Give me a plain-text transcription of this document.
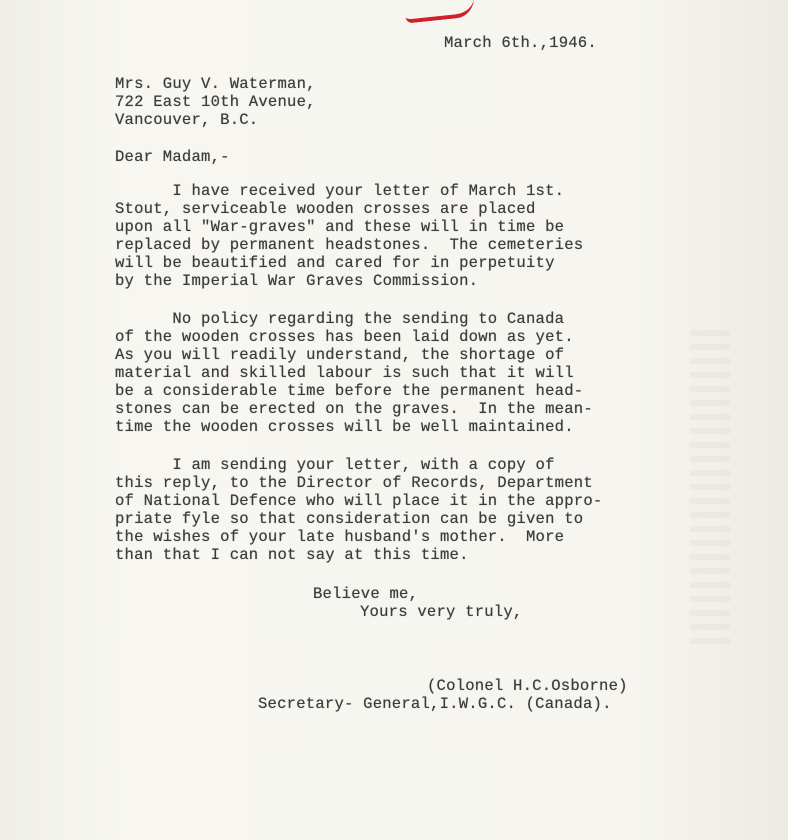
March 6th.,1946.
Mrs. Guy V. Waterman,
722 East 10th Avenue,
Vancouver, B.C.
Dear Madam,-
I have received your letter of March 1st.
Stout, serviceable wooden crosses are placed
upon all "War-graves" and these will in time be
replaced by permanent headstones.  The cemeteries
will be beautified and cared for in perpetuity
by the Imperial War Graves Commission.
No policy regarding the sending to Canada
of the wooden crosses has been laid down as yet.
As you will readily understand, the shortage of
material and skilled labour is such that it will
be a considerable time before the permanent head-
stones can be erected on the graves.  In the mean-
time the wooden crosses will be well maintained.
I am sending your letter, with a copy of
this reply, to the Director of Records, Department
of National Defence who will place it in the appro-
priate fyle so that consideration can be given to
the wishes of your late husband's mother.  More
than that I can not say at this time.
Believe me,
Yours very truly,
(Colonel H.C.Osborne)
Secretary- General,I.W.G.C. (Canada).
